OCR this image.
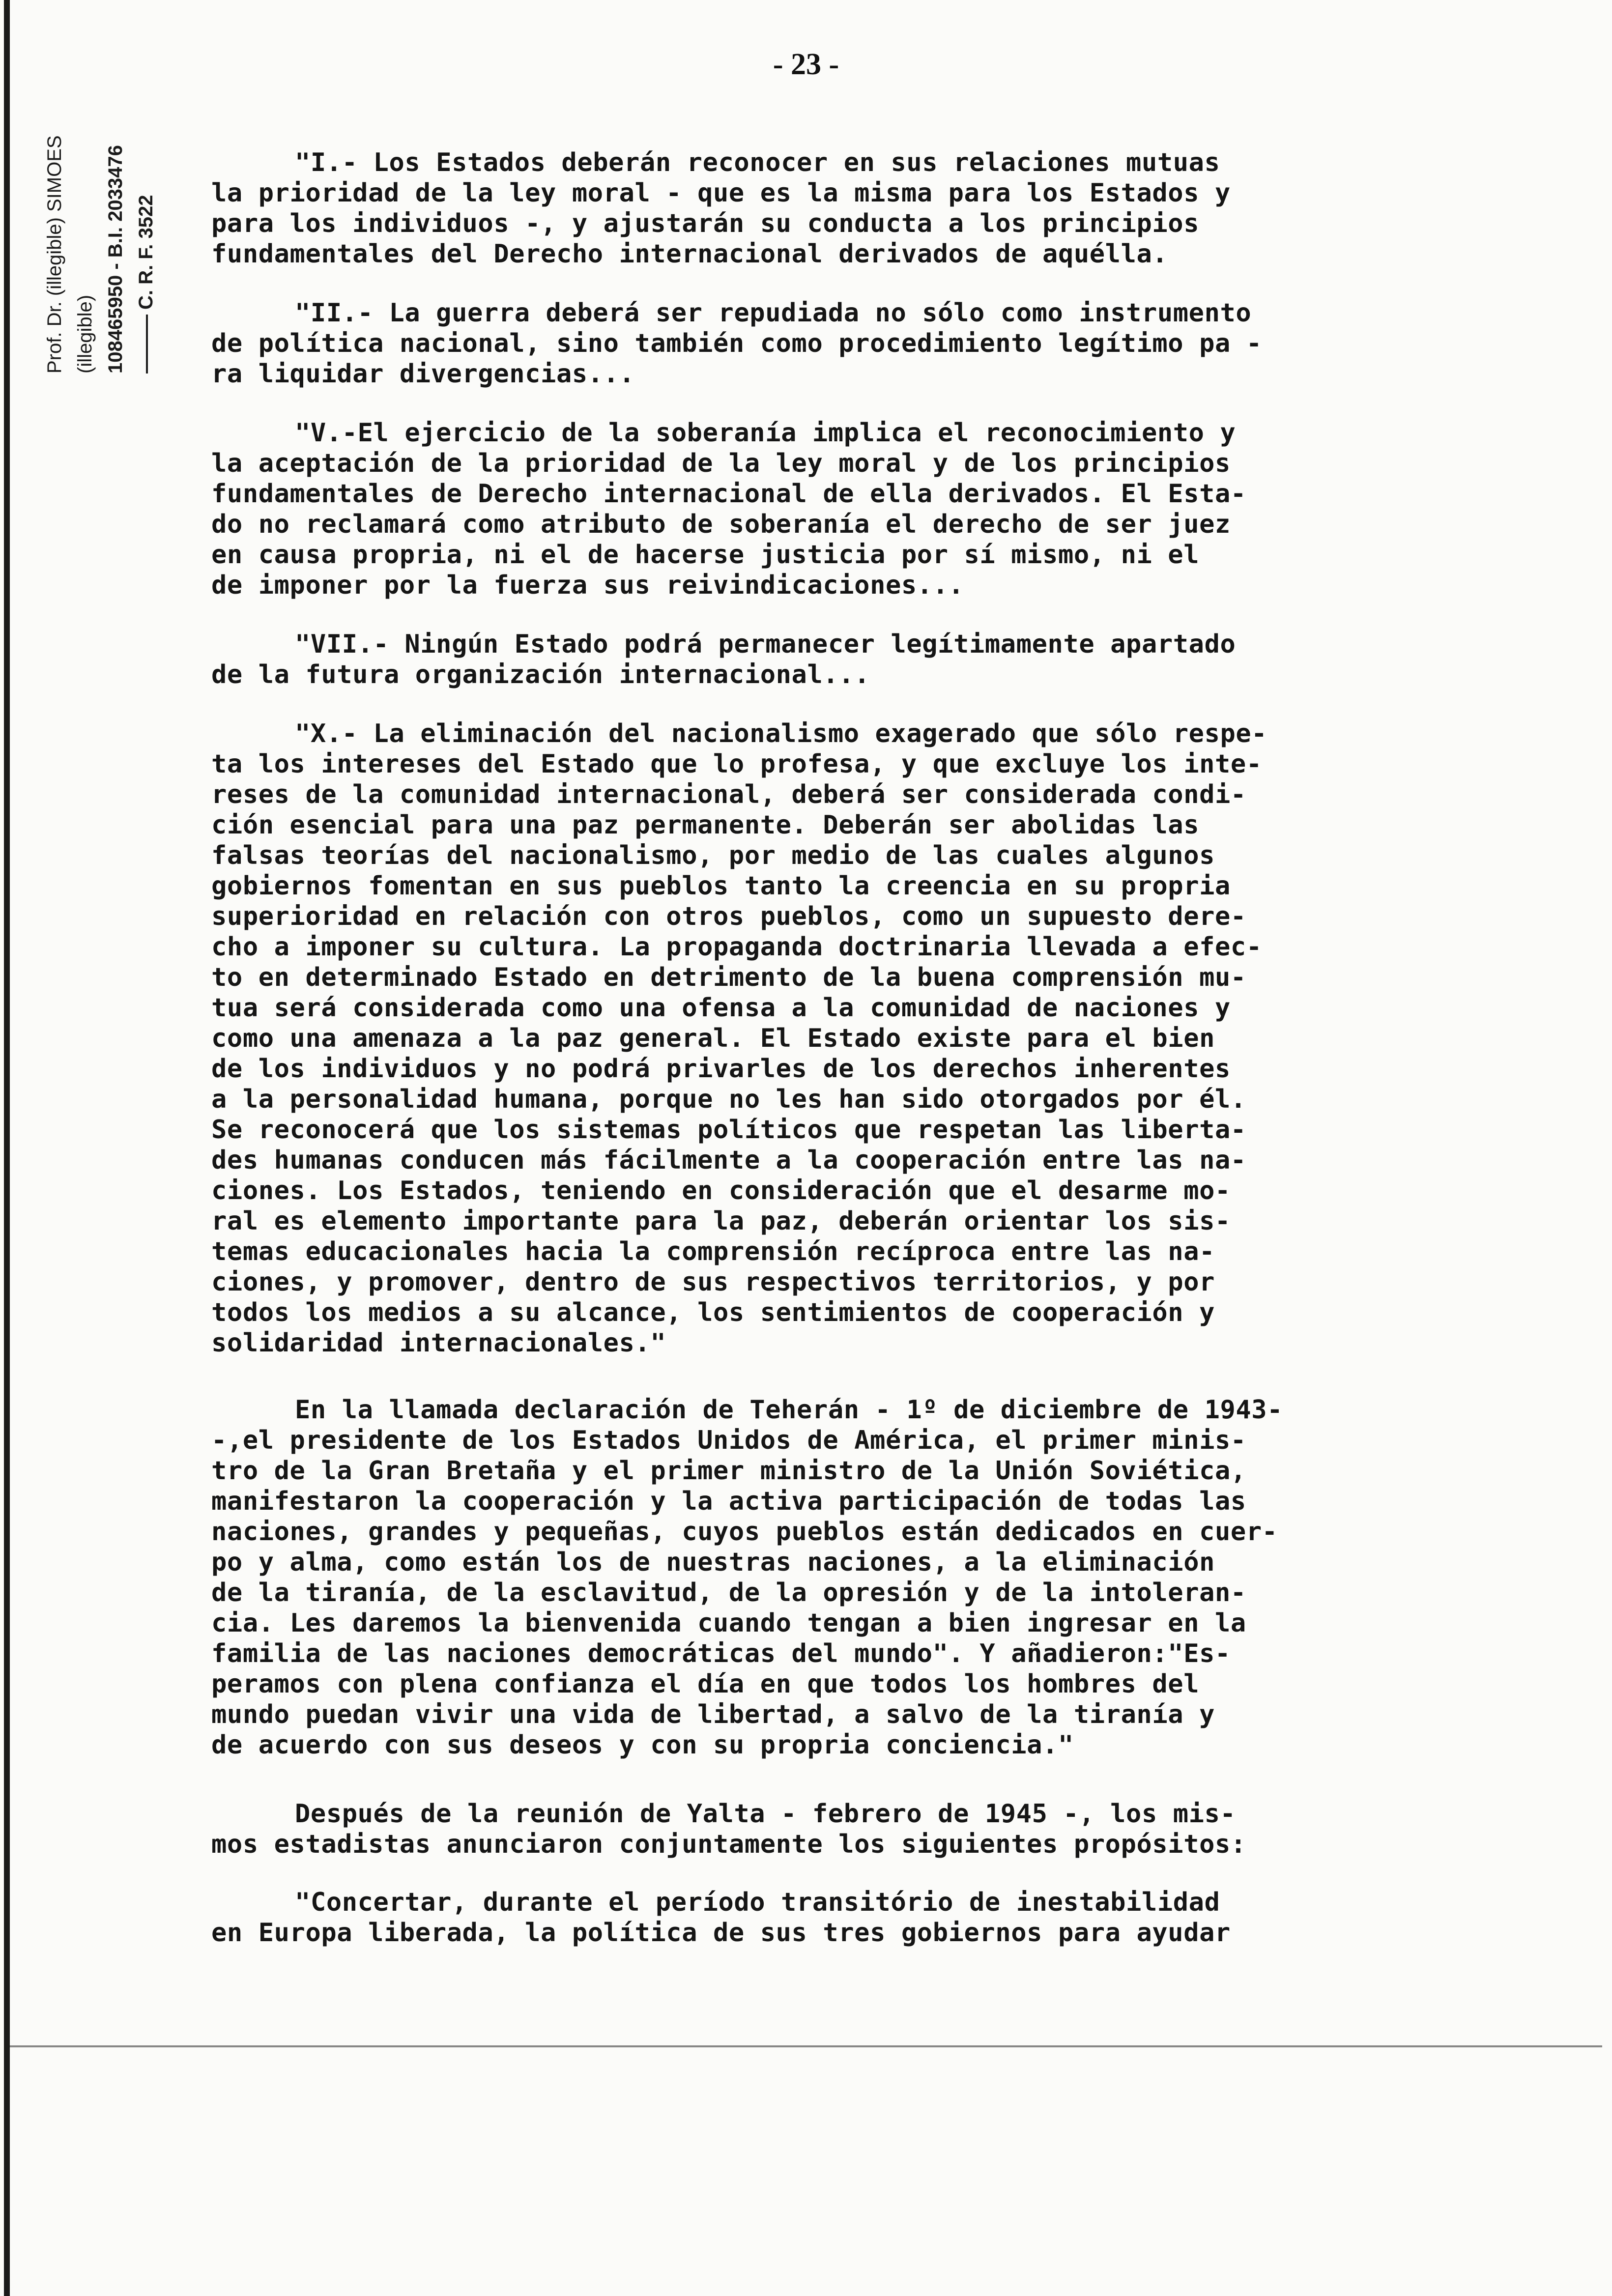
Prof. Dr. (illegible) SIMOES (illegible) 108465950 - B.I. 2033476 C. R. F. 3522
- 23 -
"I.- Los Estados deberán reconocer en sus relaciones mutuas
la prioridad de la ley moral - que es la misma para los Estados y
para los individuos -, y ajustarán su conducta a los principios
fundamentales del Derecho internacional derivados de aquélla.
"II.- La guerra deberá ser repudiada no sólo como instrumento
de política nacional, sino también como procedimiento legítimo pa -
ra liquidar divergencias...
"V.-El ejercicio de la soberanía implica el reconocimiento y
la aceptación de la prioridad de la ley moral y de los principios
fundamentales de Derecho internacional de ella derivados. El Esta-
do no reclamará como atributo de soberanía el derecho de ser juez
en causa propria, ni el de hacerse justicia por sí mismo, ni el
de imponer por la fuerza sus reivindicaciones...
"VII.- Ningún Estado podrá permanecer legítimamente apartado
de la futura organización internacional...
"X.- La eliminación del nacionalismo exagerado que sólo respe-
ta los intereses del Estado que lo profesa, y que excluye los inte-
reses de la comunidad internacional, deberá ser considerada condi-
ción esencial para una paz permanente. Deberán ser abolidas las
falsas teorías del nacionalismo, por medio de las cuales algunos
gobiernos fomentan en sus pueblos tanto la creencia en su propria
superioridad en relación con otros pueblos, como un supuesto dere-
cho a imponer su cultura. La propaganda doctrinaria llevada a efec-
to en determinado Estado en detrimento de la buena comprensión mu-
tua será considerada como una ofensa a la comunidad de naciones y
como una amenaza a la paz general. El Estado existe para el bien
de los individuos y no podrá privarles de los derechos inherentes
a la personalidad humana, porque no les han sido otorgados por él.
Se reconocerá que los sistemas políticos que respetan las liberta-
des humanas conducen más fácilmente a la cooperación entre las na-
ciones. Los Estados, teniendo en consideración que el desarme mo-
ral es elemento importante para la paz, deberán orientar los sis-
temas educacionales hacia la comprensión recíproca entre las na-
ciones, y promover, dentro de sus respectivos territorios, y por
todos los medios a su alcance, los sentimientos de cooperación y
solidaridad internacionales."
En la llamada declaración de Teherán - 1º de diciembre de 1943-
-,el presidente de los Estados Unidos de América, el primer minis-
tro de la Gran Bretaña y el primer ministro de la Unión Soviética,
manifestaron la cooperación y la activa participación de todas las
naciones, grandes y pequeñas, cuyos pueblos están dedicados en cuer-
po y alma, como están los de nuestras naciones, a la eliminación
de la tiranía, de la esclavitud, de la opresión y de la intoleran-
cia. Les daremos la bienvenida cuando tengan a bien ingresar en la
familia de las naciones democráticas del mundo". Y añadieron:"Es-
peramos con plena confianza el día en que todos los hombres del
mundo puedan vivir una vida de libertad, a salvo de la tiranía y
de acuerdo con sus deseos y con su propria conciencia."
Después de la reunión de Yalta - febrero de 1945 -, los mis-
mos estadistas anunciaron conjuntamente los siguientes propósitos:
"Concertar, durante el período transitório de inestabilidad
en Europa liberada, la política de sus tres gobiernos para ayudar
